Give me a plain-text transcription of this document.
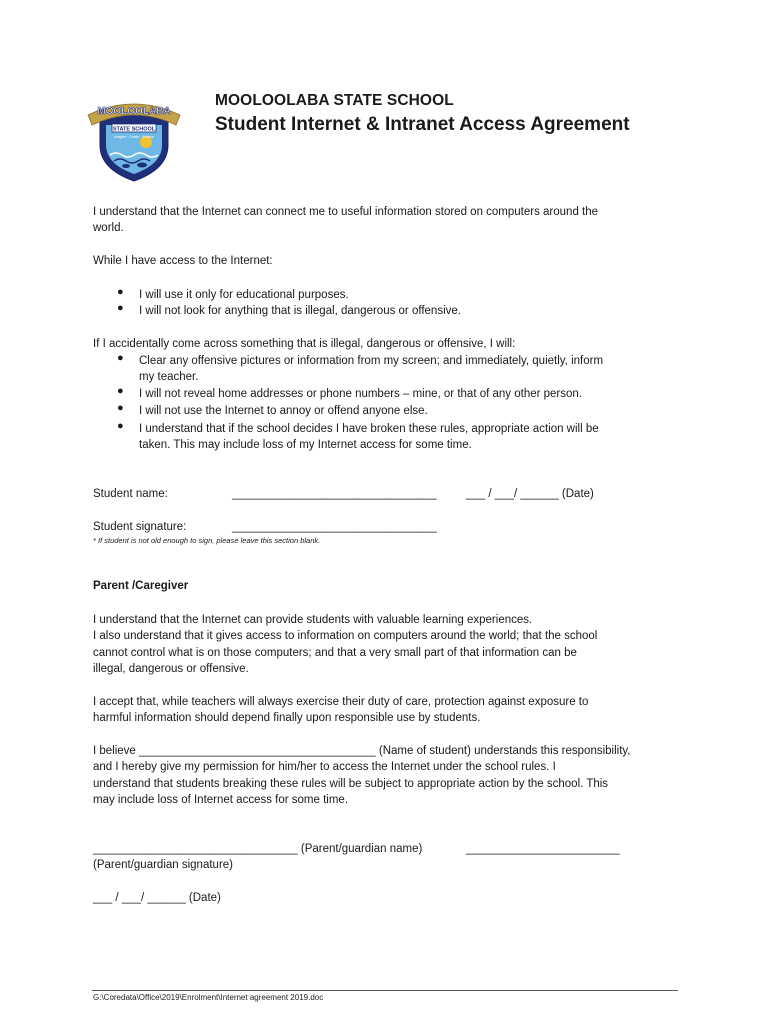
STATE SCHOOL
MOOLOOLABA
Imagine · Create · Achieve
MOOLOOLABA STATE SCHOOL
Student Internet & Intranet Access Agreement
I understand that the Internet can connect me to useful information stored on computers around the
world.
While I have access to the Internet:
● I will use it only for educational purposes.
● I will not look for anything that is illegal, dangerous or offensive.
If I accidentally come across something that is illegal, dangerous or offensive, I will:
● Clear any offensive pictures or information from my screen; and immediately, quietly, inform
my teacher.
● I will not reveal home addresses or phone numbers – mine, or that of any other person.
● I will not use the Internet to annoy or offend anyone else.
● I understand that if the school decides I have broken these rules, appropriate action will be
taken. This may include loss of my Internet access for some time.
Student name:	________________________________	___ / ___/ ______ (Date)
Student signature:	________________________________
* If student is not old enough to sign, please leave this section blank.
Parent /Caregiver
I understand that the Internet can provide students with valuable learning experiences.
I also understand that it gives access to information on computers around the world; that the school
cannot control what is on those computers; and that a very small part of that information can be
illegal, dangerous or offensive.
I accept that, while teachers will always exercise their duty of care, protection against exposure to
harmful information should depend finally upon responsible use by students.
I believe _____________________________________ (Name of student) understands this responsibility,
and I hereby give my permission for him/her to access the Internet under the school rules. I
understand that students breaking these rules will be subject to appropriate action by the school. This
may include loss of Internet access for some time.
________________________________ (Parent/guardian name)	________________________
(Parent/guardian signature)
___ / ___/ ______ (Date)
G:\Coredata\Office\2019\Enrolment\Internet agreement 2019.doc
